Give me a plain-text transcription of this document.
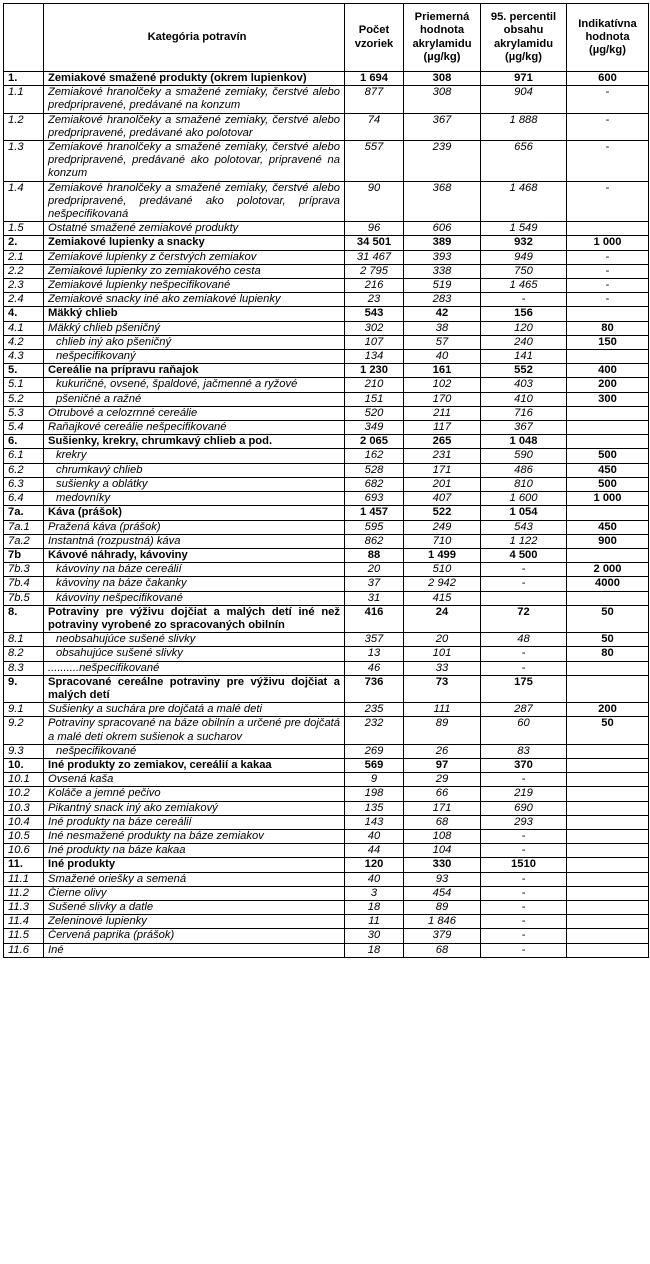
	Kategória potravín	Počet vzoriek	Priemerná hodnota akrylamidu (µg/kg)	95. percentil obsahu akrylamidu (µg/kg)	Indikatívna hodnota (µg/kg)
1.	Zemiakové smažené produkty (okrem lupienkov)	1 694	308	971	600
1.1	Zemiakové hranolčeky a smažené zemiaky, čerstvé alebo predpripravené, predávané na konzum	877	308	904	-
1.2	Zemiakové hranolčeky a smažené zemiaky, čerstvé alebo predpripravené, predávané ako polotovar	74	367	1 888	-
1.3	Zemiakové hranolčeky a smažené zemiaky, čerstvé alebo predpripravené, predávané ako polotovar, pripravené na konzum	557	239	656	-
1.4	Zemiakové hranolčeky a smažené zemiaky, čerstvé alebo predpripravené, predávané ako polotovar, príprava nešpecifikovaná	90	368	1 468	-
1.5	Ostatné smažené zemiakové produkty	96	606	1 549	
2.	Zemiakové lupienky a snacky	34 501	389	932	1 000
2.1	Zemiakové lupienky z čerstvých zemiakov	31 467	393	949	-
2.2	Zemiakové lupienky zo zemiakového cesta	2 795	338	750	-
2.3	Zemiakové lupienky nešpecifikované	216	519	1 465	-
2.4	Zemiakové snacky iné ako zemiakové lupienky	23	283	-	-
4.	Mäkký chlieb	543	42	156	
4.1	Mäkký chlieb pšeničný	302	38	120	80
4.2	chlieb iný ako pšeničný	107	57	240	150
4.3	nešpecifikovaný	134	40	141	
5.	Cereálie na prípravu raňajok	1 230	161	552	400
5.1	kukuričné, ovsené, špaldové, jačmenné a ryžové	210	102	403	200
5.2	pšeničné a ražné	151	170	410	300
5.3	Otrubové a celozrnné cereálie	520	211	716	
5.4	Raňajkové cereálie nešpecifikované	349	117	367	
6.	Sušienky, krekry, chrumkavý chlieb a pod.	2 065	265	1 048	
6.1	krekry	162	231	590	500
6.2	chrumkavý chlieb	528	171	486	450
6.3	sušienky a oblátky	682	201	810	500
6.4	medovníky	693	407	1 600	1 000
7a.	Káva (prášok)	1 457	522	1 054	
7a.1	Pražená káva (prášok)	595	249	543	450
7a.2	Instantná (rozpustná) káva	862	710	1 122	900
7b	Kávové náhrady, kávoviny	88	1 499	4 500	
7b.3	kávoviny na báze cereálií	20	510	-	2 000
7b.4	kávoviny na báze čakanky	37	2 942	-	4000
7b.5	kávoviny nešpecifikované	31	415		
8.	Potraviny pre výživu dojčiat a malých detí iné než potraviny vyrobené zo spracovaných obilnín	416	24	72	50
8.1	neobsahujúce sušené slivky	357	20	48	50
8.2	obsahujúce sušené slivky	13	101	-	80
8.3	..........nešpecifikované	46	33	-	
9.	Spracované cereálne potraviny pre výživu dojčiat a malých detí	736	73	175	
9.1	Sušienky a suchára pre dojčatá a malé deti	235	111	287	200
9.2	Potraviny spracované na báze obilnín a určené pre dojčatá a malé deti okrem sušienok a sucharov	232	89	60	50
9.3	nešpecifikované	269	26	83	
10.	Iné produkty zo zemiakov, cereálií a kakaa	569	97	370	
10.1	Ovsená kaša	9	29	-	
10.2	Koláče a jemné pečivo	198	66	219	
10.3	Pikantný snack iný ako zemiakový	135	171	690	
10.4	Iné produkty na báze cereálií	143	68	293	
10.5	Iné nesmažené produkty na báze zemiakov	40	108	-	
10.6	Iné produkty na báze kakaa	44	104	-	
11.	Iné produkty	120	330	1510	
11.1	Smažené oriešky a semená	40	93	-	
11.2	Čierne olivy	3	454	-	
11.3	Sušené slivky a datle	18	89	-	
11.4	Zeleninové lupienky	11	1 846	-	
11.5	Červená paprika (prášok)	30	379	-	
11.6	Iné	18	68	-	
